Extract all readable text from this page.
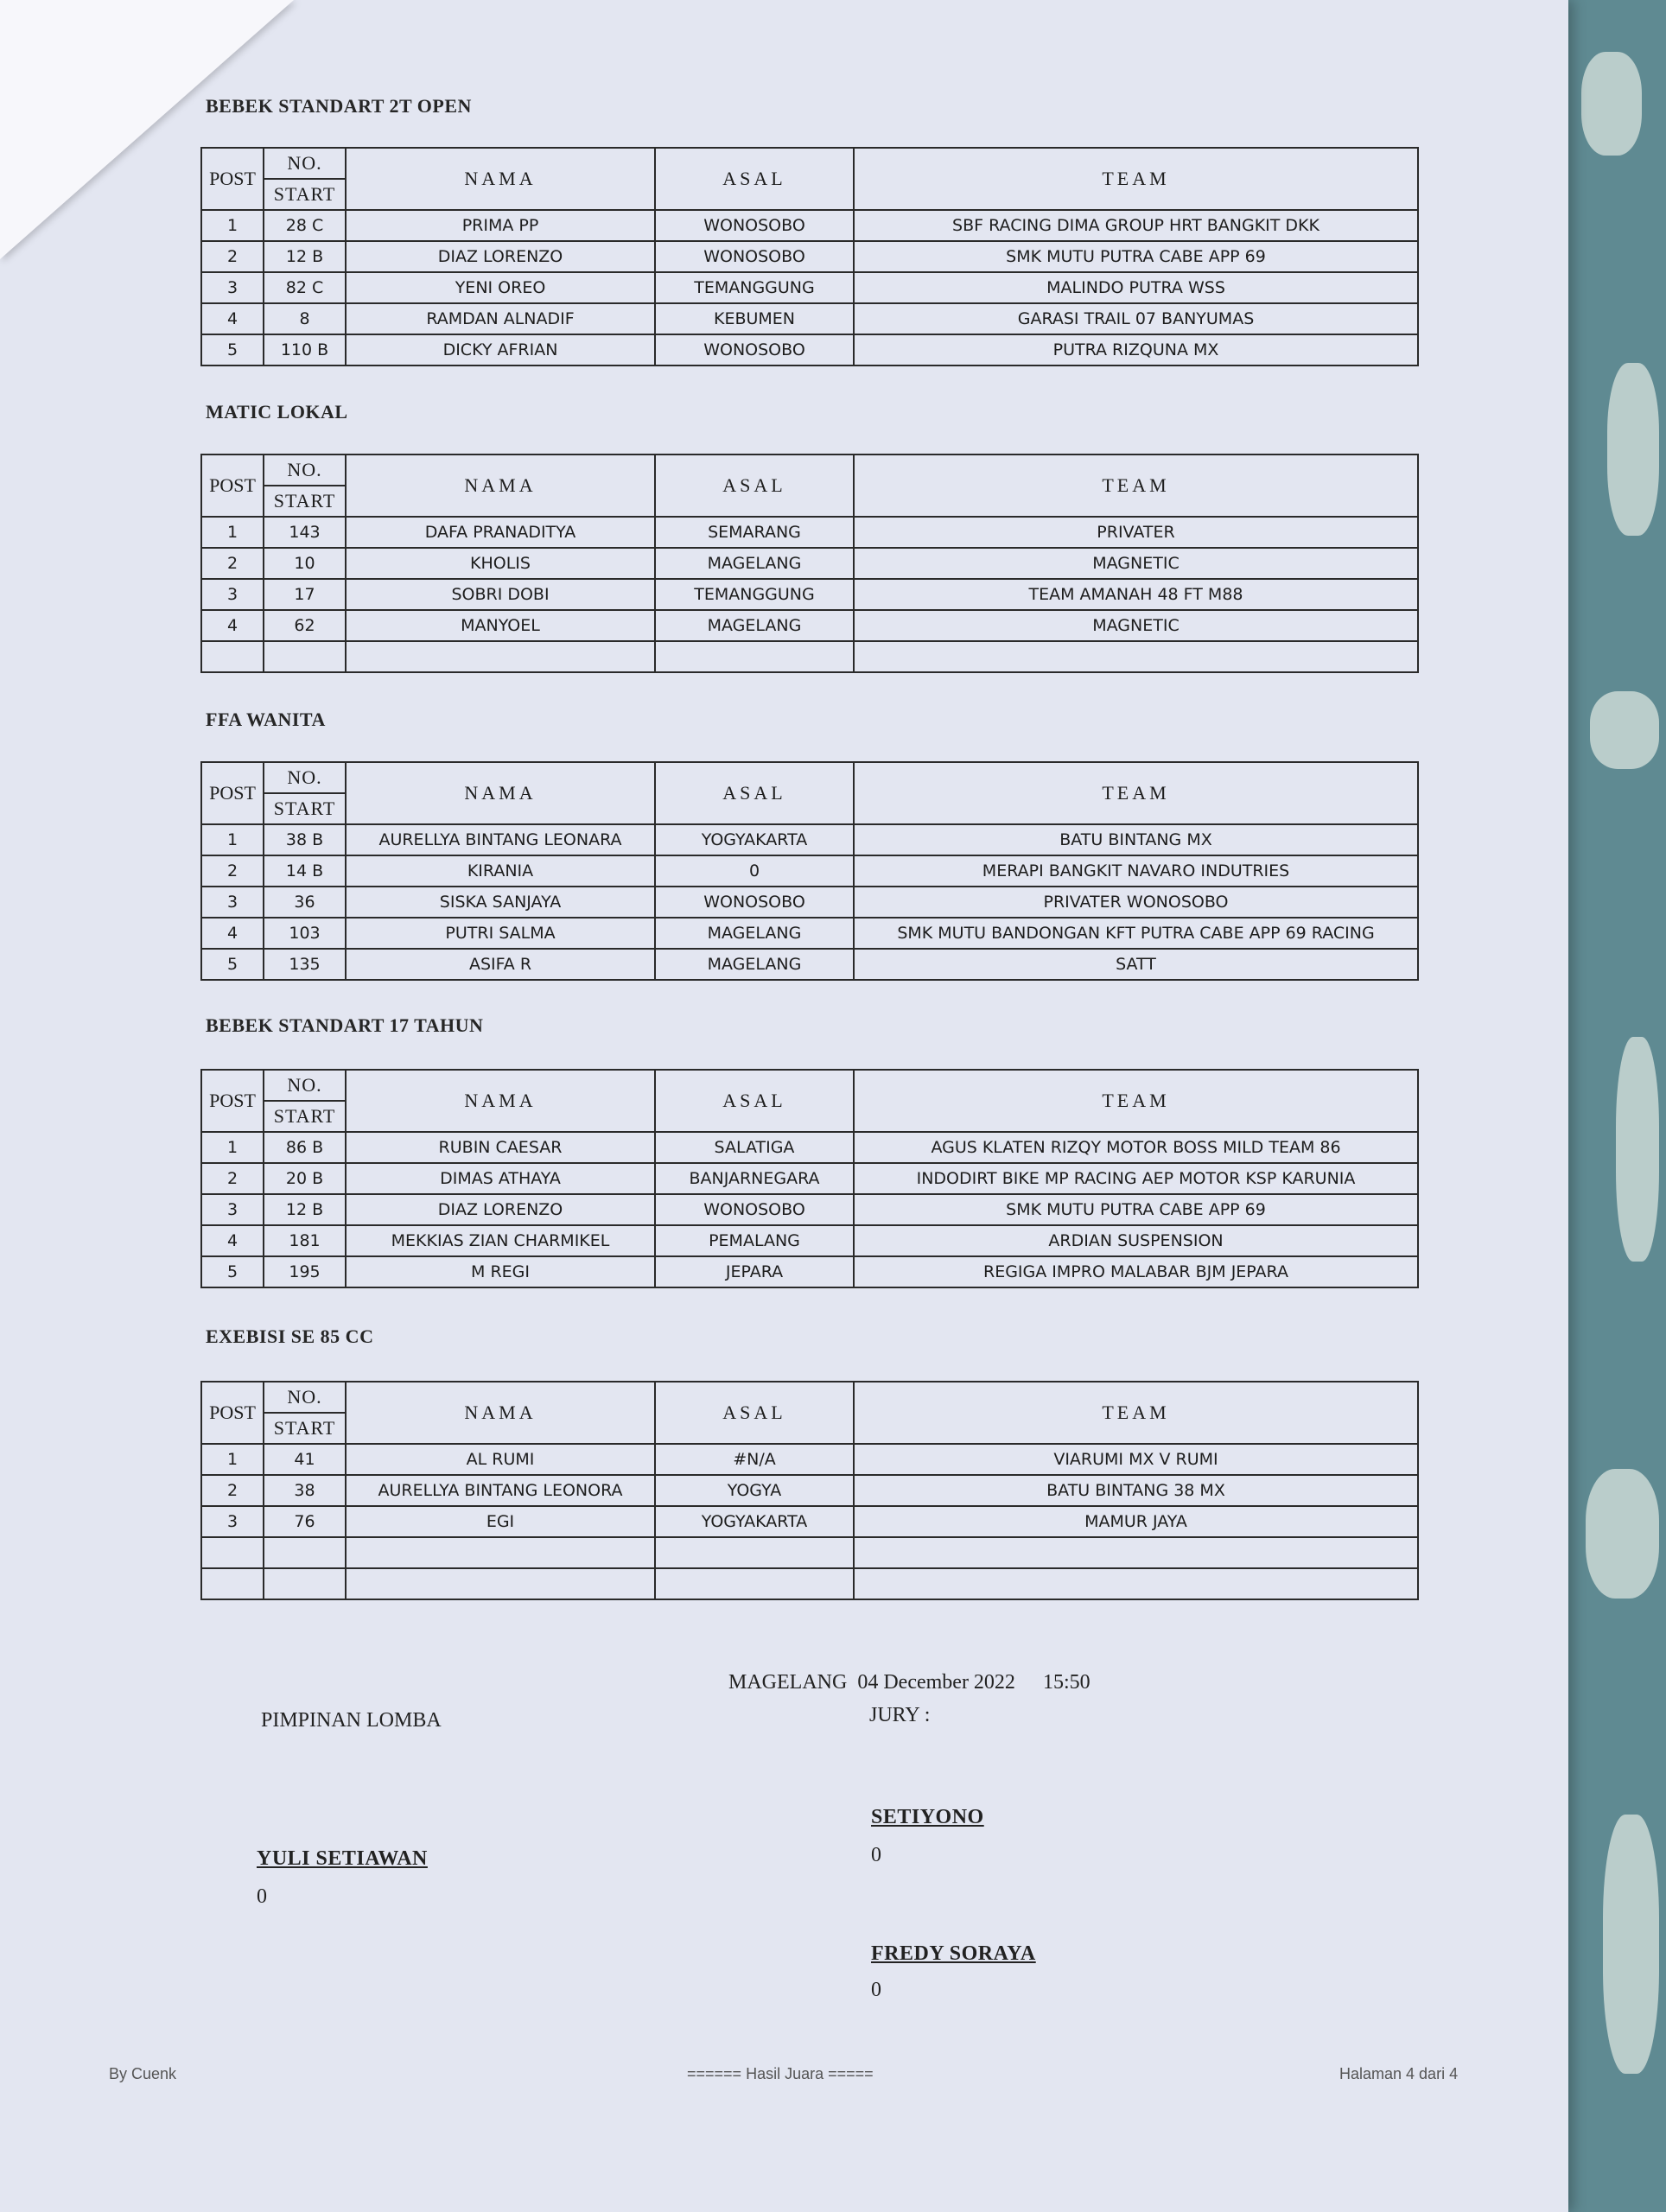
BEBEK STANDART 2T OPEN
POST	NO.	NAMA	ASAL	TEAM
	START			
1	28 C	PRIMA PP	WONOSOBO	SBF RACING DIMA GROUP HRT BANGKIT DKK
2	12 B	DIAZ LORENZO	WONOSOBO	SMK MUTU PUTRA CABE APP 69
3	82 C	YENI OREO	TEMANGGUNG	MALINDO PUTRA WSS
4	8	RAMDAN ALNADIF	KEBUMEN	GARASI TRAIL 07 BANYUMAS
5	110 B	DICKY AFRIAN	WONOSOBO	PUTRA RIZQUNA MX
MATIC LOKAL
POST	NO.	NAMA	ASAL	TEAM
	START			
1	143	DAFA PRANADITYA	SEMARANG	PRIVATER
2	10	KHOLIS	MAGELANG	MAGNETIC
3	17	SOBRI DOBI	TEMANGGUNG	TEAM AMANAH 48 FT M88
4	62	MANYOEL	MAGELANG	MAGNETIC

FFA WANITA
POST	NO.	NAMA	ASAL	TEAM
	START			
1	38 B	AURELLYA BINTANG LEONARA	YOGYAKARTA	BATU BINTANG MX
2	14 B	KIRANIA	0	MERAPI BANGKIT NAVARO INDUTRIES
3	36	SISKA SANJAYA	WONOSOBO	PRIVATER WONOSOBO
4	103	PUTRI SALMA	MAGELANG	SMK MUTU BANDONGAN KFT PUTRA CABE APP 69 RACING
5	135	ASIFA R	MAGELANG	SATT
BEBEK STANDART 17 TAHUN
POST	NO.	NAMA	ASAL	TEAM
	START			
1	86 B	RUBIN CAESAR	SALATIGA	AGUS KLATEN RIZQY MOTOR BOSS MILD TEAM 86
2	20 B	DIMAS ATHAYA	BANJARNEGARA	INDODIRT BIKE MP RACING AEP MOTOR KSP KARUNIA
3	12 B	DIAZ LORENZO	WONOSOBO	SMK MUTU PUTRA CABE APP 69
4	181	MEKKIAS ZIAN CHARMIKEL	PEMALANG	ARDIAN SUSPENSION
5	195	M REGI	JEPARA	REGIGA IMPRO MALABAR BJM JEPARA
EXEBISI SE 85 CC
POST	NO.	NAMA	ASAL	TEAM
	START			
1	41	AL RUMI	#N/A	VIARUMI MX V RUMI
2	38	AURELLYA BINTANG LEONORA	YOGYA	BATU BINTANG 38 MX
3	76	EGI	YOGYAKARTA	MAMUR JAYA

MAGELANG 04 December 2022 15:50
PIMPINAN LOMBA	JURY :
SETIYONO
0
YULI SETIAWAN
0
FREDY SORAYA
0
By Cuenk	====== Hasil Juara =====	Halaman 4 dari 4
